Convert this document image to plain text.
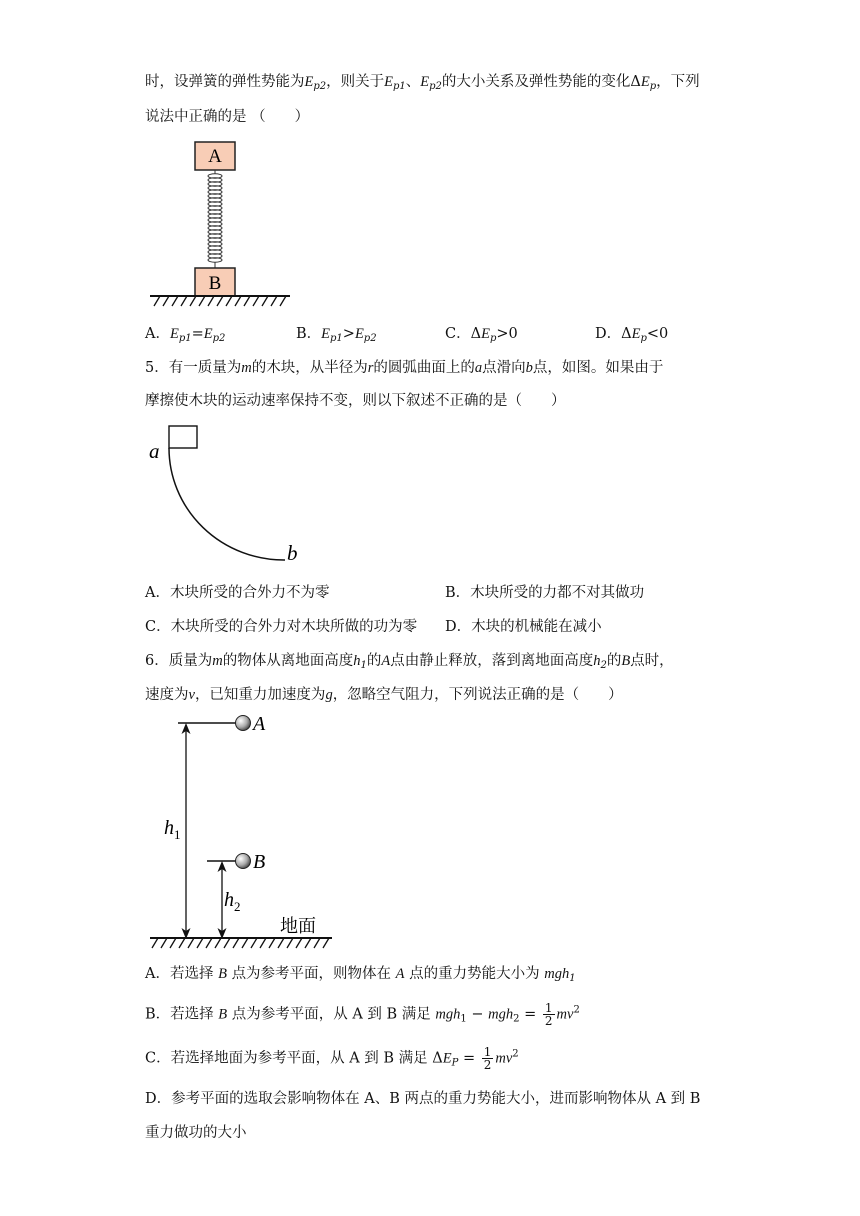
时，设弹簧的弹性势能为$E_{p2}$，则关于$E_{p1}$、$E_{p2}$的大小关系及弹性势能的变化$\Delta E_p$，下列
说法中正确的是 （　　）
A
B
A．$E_{p1}=E_{p2}$	B．$E_{p1}>E_{p2}$	C．$\Delta E_p>0$	D．$\Delta E_p<0$
5．有一质量为m的木块，从半径为r的圆弧曲面上的a点滑向b点，如图。如果由于
摩擦使木块的运动速率保持不变，则以下叙述不正确的是（　　）
a
b
A．木块所受的合外力不为零	B．木块所受的力都不对其做功
C．木块所受的合外力对木块所做的功为零 D．木块的机械能在减小
6．质量为m的物体从离地面高度$h_1$的A点由静止释放，落到离地面高度$h_2$的B点时，
速度为v，已知重力加速度为g，忽略空气阻力，下列说法正确的是（　　）
A
B
$h_1$
$h_2$
地面
A．若选择 B 点为参考平面，则物体在 A 点的重力势能大小为 mgh$_1$
B．若选择 B 点为参考平面，从 A 到 B 满足 $mgh_1 - mgh_2 = \frac{1}{2} mv^2$
C．若选择地面为参考平面，从 A 到 B 满足 $\Delta E_P = \frac{1}{2} mv^2$
D．参考平面的选取会影响物体在 A、B 两点的重力势能大小，进而影响物体从 A 到 B
重力做功的大小
